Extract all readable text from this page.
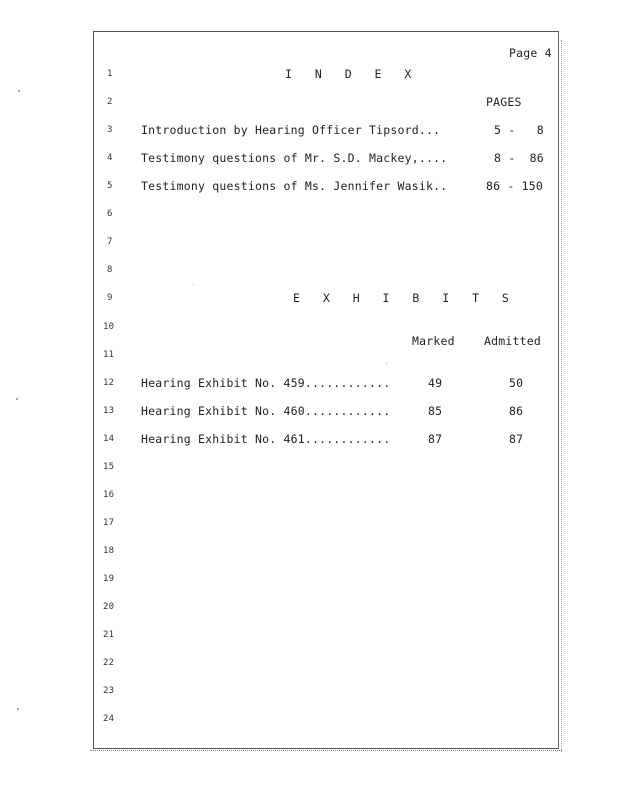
Page 4
1
2
3
4
5
6
7
8
9
10
11
12
13
14
15
16
17
18
19
20
21
22
23
24
I N D E X
PAGES
Introduction by Hearing Officer Tipsord...	5 -   8
Testimony questions of Mr. S.D. Mackey,....	8 -  86
Testimony questions of Ms. Jennifer Wasik..	86 - 150
E X H I B I T S
Marked	Admitted
Hearing Exhibit No. 459............	49	50
Hearing Exhibit No. 460............	85	86
Hearing Exhibit No. 461............	87	87
